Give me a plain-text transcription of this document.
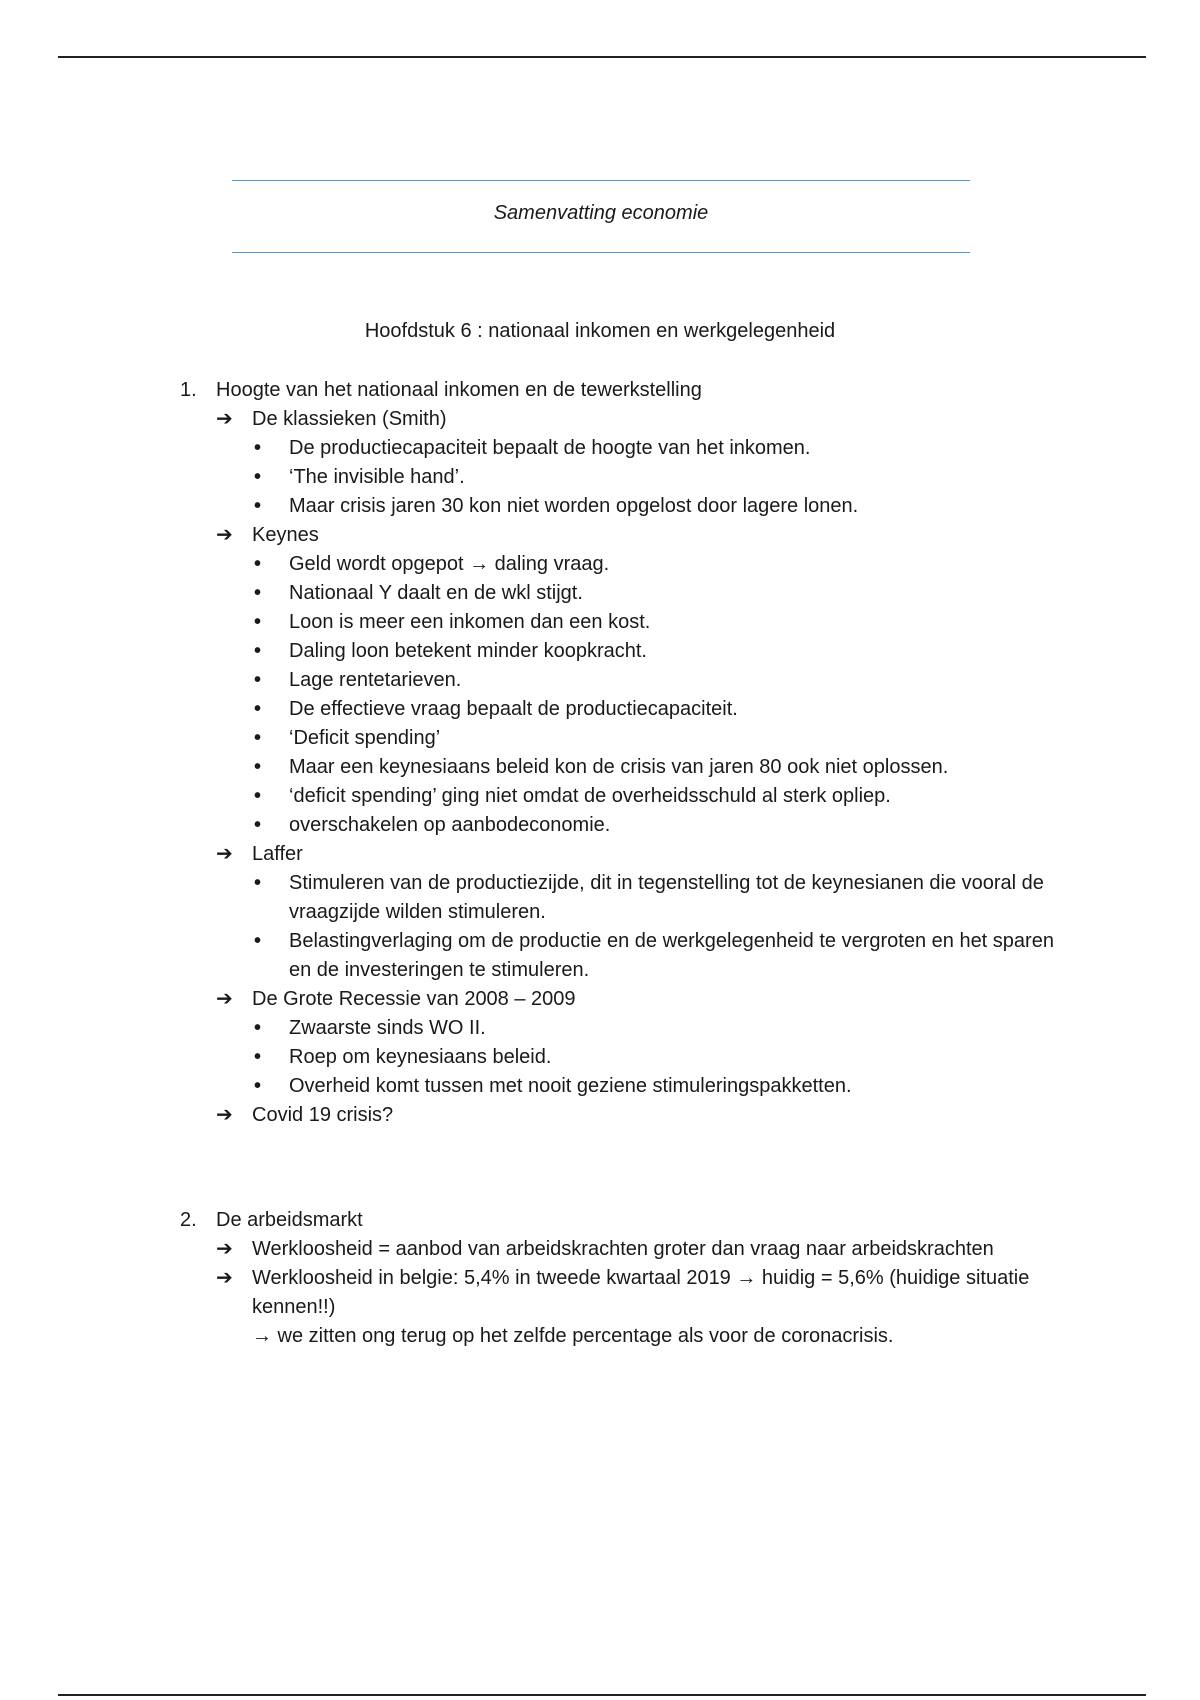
Samenvatting economie
Hoofdstuk 6 : nationaal inkomen en werkgelegenheid
1. Hoogte van het nationaal inkomen en de tewerkstelling
➔ De klassieken (Smith)
• De productiecapaciteit bepaalt de hoogte van het inkomen.
• ‘The invisible hand’.
• Maar crisis jaren 30 kon niet worden opgelost door lagere lonen.
➔ Keynes
• Geld wordt opgepot → daling vraag.
• Nationaal Y daalt en de wkl stijgt.
• Loon is meer een inkomen dan een kost.
• Daling loon betekent minder koopkracht.
• Lage rentetarieven.
• De effectieve vraag bepaalt de productiecapaciteit.
• ‘Deficit spending’
• Maar een keynesiaans beleid kon de crisis van jaren 80 ook niet oplossen.
• ‘deficit spending’ ging niet omdat de overheidsschuld al sterk opliep.
• overschakelen op aanbodeconomie.
➔ Laffer
• Stimuleren van de productiezijde, dit in tegenstelling tot de keynesianen die vooral de vraagzijde wilden stimuleren.
• Belastingverlaging om de productie en de werkgelegenheid te vergroten en het sparen en de investeringen te stimuleren.
➔ De Grote Recessie van 2008 – 2009
• Zwaarste sinds WO II.
• Roep om keynesiaans beleid.
• Overheid komt tussen met nooit geziene stimuleringspakketten.
➔ Covid 19 crisis?
2. De arbeidsmarkt
➔ Werkloosheid = aanbod van arbeidskrachten groter dan vraag naar arbeidskrachten
➔ Werkloosheid in belgie: 5,4% in tweede kwartaal 2019 → huidig = 5,6% (huidige situatie kennen!!)
→ we zitten ong terug op het zelfde percentage als voor de coronacrisis.
